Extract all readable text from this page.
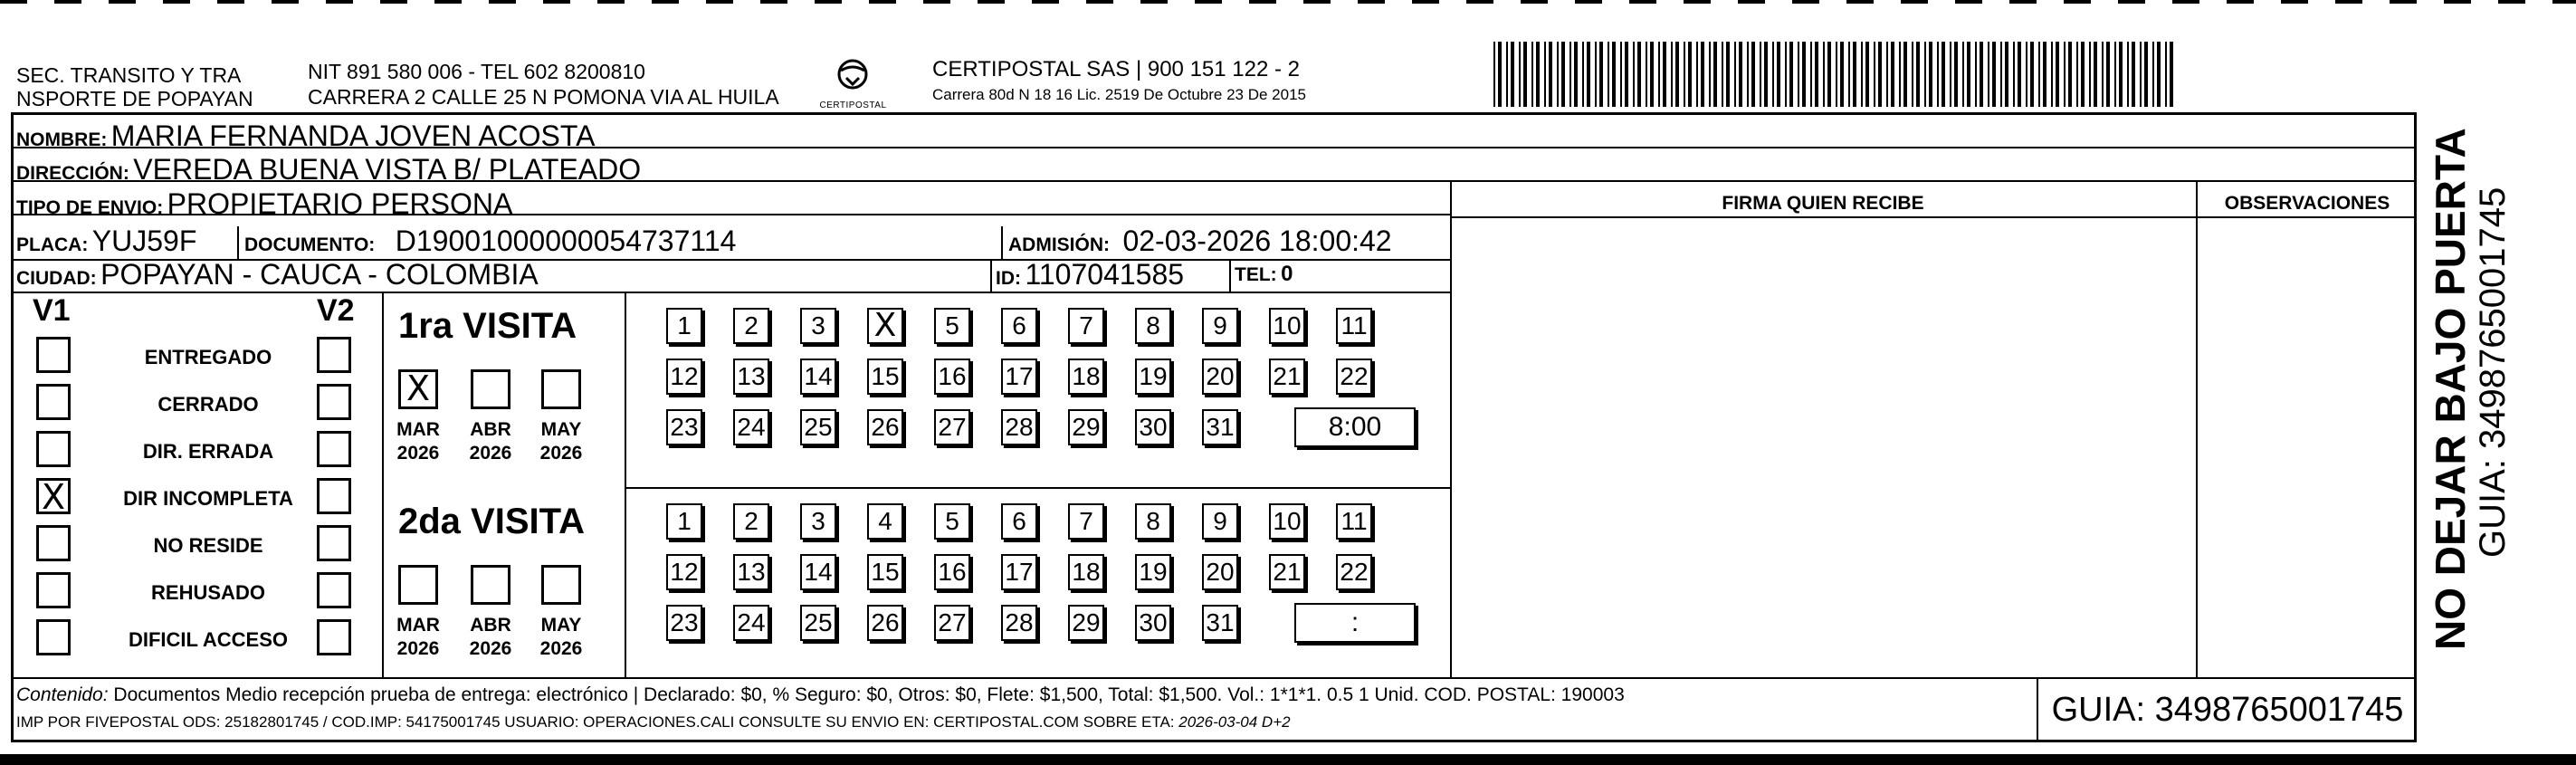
SEC. TRANSITO Y TRA
NSPORTE DE POPAYAN
NIT 891 580 006 - TEL 602 8200810
CARRERA 2 CALLE 25 N POMONA VIA AL HUILA	CERTIPOSTAL
CERTIPOSTAL SAS | 900 151 122 - 2
Carrera 80d N 18 16 Lic. 2519 De Octubre 23 De 2015
NOMBRE: MARIA FERNANDA JOVEN ACOSTA
DIRECCIÓN: VEREDA BUENA VISTA B/ PLATEADO
TIPO DE ENVIO: PROPIETARIO PERSONA	FIRMA QUIEN RECIBE	OBSERVACIONES
PLACA: YUJ59F	DOCUMENTO: D19001000000054737114	ADMISIÓN: 02-03-2026 18:00:42
CIUDAD: POPAYAN - CAUCA - COLOMBIA	ID: 1107041585	TEL: 0
V1	V2
ENTREGADO
CERRADO
DIR. ERRADA
X	DIR INCOMPLETA
NO RESIDE
REHUSADO
DIFICIL ACCESO
1ra VISITA
X
MAR
2026
ABR
2026
MAY
2026
1	2	3	X	5	6	7	8	9	10 11
12 13 14 15 16 17 18 19 20 21 22
23 24 25 26 27 28 29 30 31	8:00
2da VISITA
MAR
2026
ABR
2026
MAY
2026
1	2	3	4	5	6	7	8	9	10 11
12 13 14 15 16 17 18 19 20 21 22
23 24 25 26 27 28 29 30 31	:
Contenido: Documentos Medio recepción prueba de entrega: electrónico | Declarado: $0, % Seguro: $0, Otros: $0, Flete: $1,500, Total: $1,500. Vol.: 1*1*1. 0.5 1 Unid. COD. POSTAL: 190003
IMP POR FIVEPOSTAL ODS: 25182801745 / COD.IMP: 54175001745 USUARIO: OPERACIONES.CALI CONSULTE SU ENVIO EN: CERTIPOSTAL.COM SOBRE ETA: 2026-03-04 D+2	GUIA: 3498765001745
NO DEJAR BAJO PUERTA GUIA: 3498765001745
